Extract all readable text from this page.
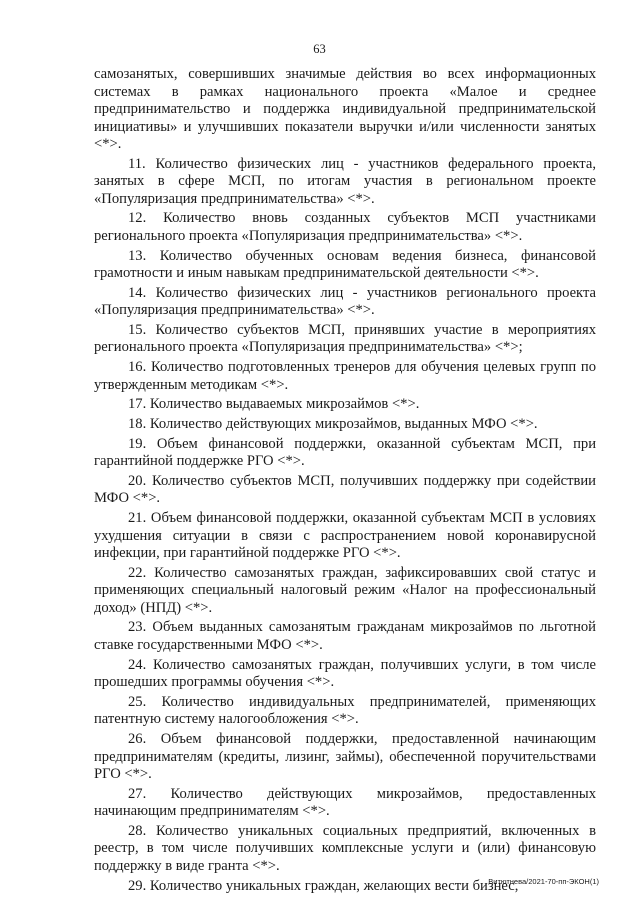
63

самозанятых, совершивших значимые действия во всех информационных системах в рамках национального проекта «Малое и среднее предпринимательство и поддержка индивидуальной предпринимательской инициативы» и улучшивших показатели выручки и/или численности занятых <*>.

11. Количество физических лиц - участников федерального проекта, занятых в сфере МСП, по итогам участия в региональном проекте «Популяризация предпринимательства» <*>.

12. Количество вновь созданных субъектов МСП участниками регионального проекта «Популяризация предпринимательства» <*>.

13. Количество обученных основам ведения бизнеса, финансовой грамотности и иным навыкам предпринимательской деятельности <*>.

14. Количество физических лиц - участников регионального проекта «Популяризация предпринимательства» <*>.

15. Количество субъектов МСП, принявших участие в мероприятиях регионального проекта «Популяризация предпринимательства» <*>;

16. Количество подготовленных тренеров для обучения целевых групп по утвержденным методикам <*>.

17. Количество выдаваемых микрозаймов <*>.

18. Количество действующих микрозаймов, выданных МФО <*>.

19. Объем финансовой поддержки, оказанной субъектам МСП, при гарантийной поддержке РГО <*>.

20. Количество субъектов МСП, получивших поддержку при содействии МФО <*>.

21. Объем финансовой поддержки, оказанной субъектам МСП в условиях ухудшения ситуации в связи с распространением новой коронавирусной инфекции, при гарантийной поддержке РГО <*>.

22. Количество самозанятых граждан, зафиксировавших свой статус и применяющих специальный налоговый режим «Налог на профессиональный доход» (НПД) <*>.

23. Объем выданных самозанятым гражданам микрозаймов по льготной ставке государственными МФО <*>.

24. Количество самозанятых граждан, получивших услуги, в том числе прошедших программы обучения <*>.

25. Количество индивидуальных предпринимателей, применяющих патентную систему налогообложения <*>.

26. Объем финансовой поддержки, предоставленной начинающим предпринимателям (кредиты, лизинг, займы), обеспеченной поручительствами РГО <*>.

27. Количество действующих микрозаймов, предоставленных начинающим предпринимателям <*>.

28. Количество уникальных социальных предприятий, включенных в реестр, в том числе получивших комплексные услуги и (или) финансовую поддержку в виде гранта <*>.

29. Количество уникальных граждан, желающих вести бизнес,

Витютнева/2021-70-пп-ЭКОН(1)
